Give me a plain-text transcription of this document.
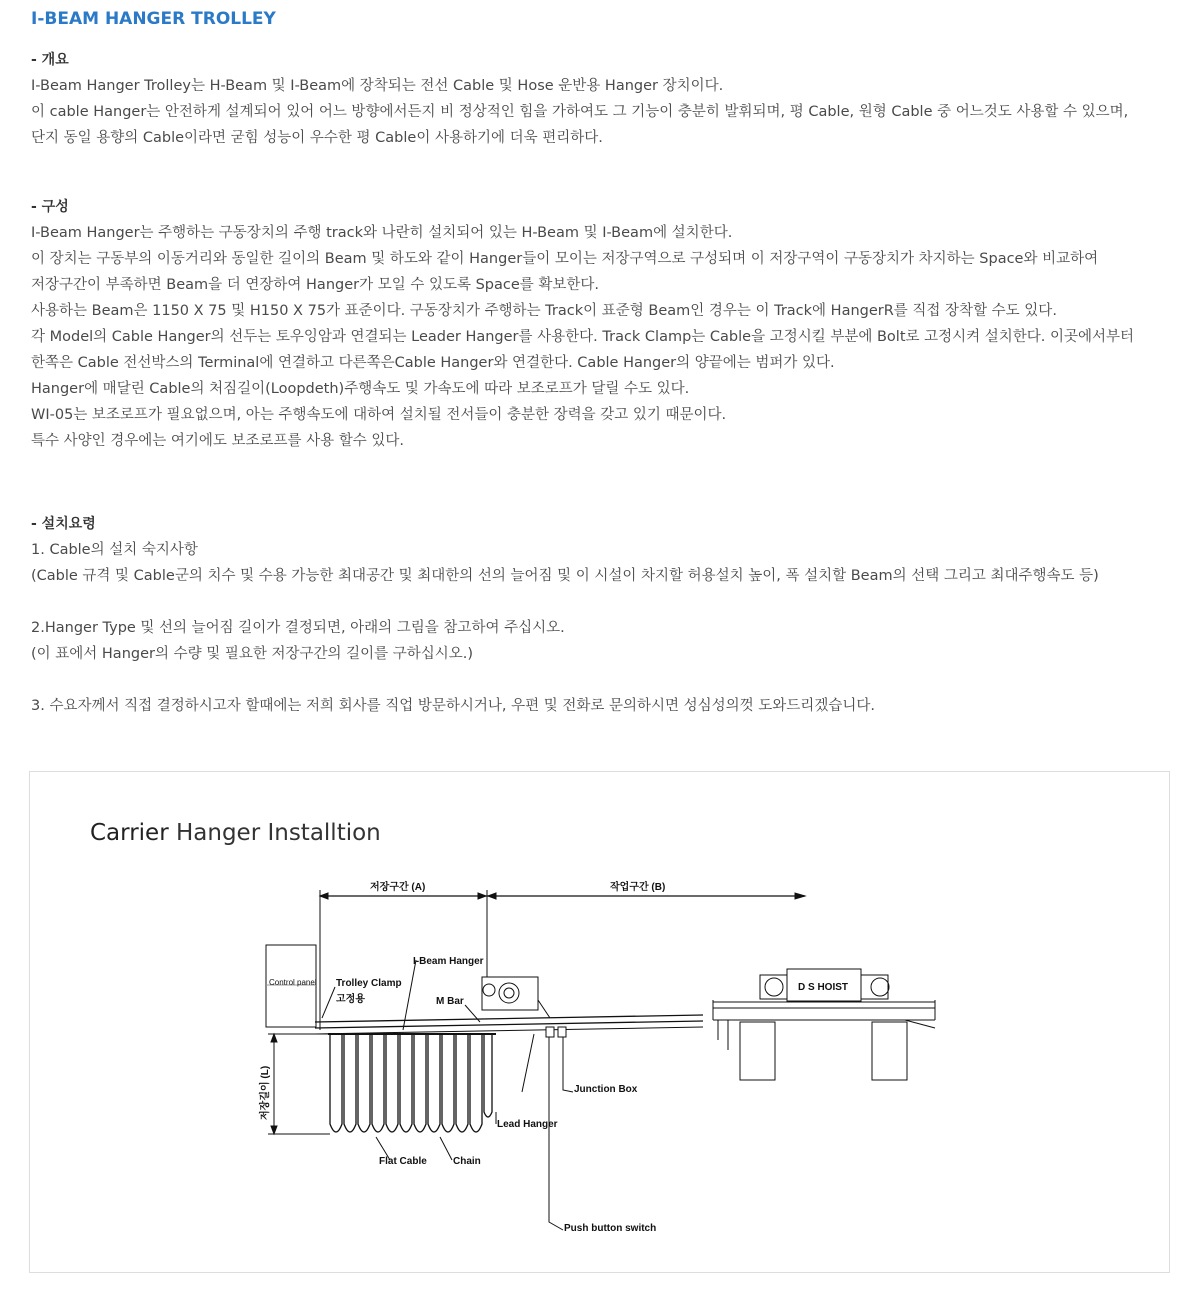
I-BEAM HANGER TROLLEY
- 개요
I-Beam Hanger Trolley는 H-Beam 및 I-Beam에 장착되는 전선 Cable 및 Hose 운반용 Hanger 장치이다.
이 cable Hanger는 안전하게 설계되어 있어 어느 방향에서든지 비 정상적인 힘을 가하여도 그 기능이 충분히 발휘되며, 평 Cable, 원형 Cable 중 어느것도 사용할 수 있으며,
단지 동일 용향의 Cable이라면 굳힘 성능이 우수한 평 Cable이 사용하기에 더욱 편리하다.
- 구성
I-Beam Hanger는 주행하는 구동장치의 주행 track와 나란히 설치되어 있는 H-Beam 및 I-Beam에 설치한다.
이 장치는 구동부의 이동거리와 동일한 길이의 Beam 및 하도와 같이 Hanger들이 모이는 저장구역으로 구성되며 이 저장구역이 구동장치가 차지하는 Space와 비교하여
저장구간이 부족하면 Beam을 더 연장하여 Hanger가 모일 수 있도록 Space를 확보한다.
사용하는 Beam은 1150 X 75 및 H150 X 75가 표준이다. 구동장치가 주행하는 Track이 표준형 Beam인 경우는 이 Track에 HangerR를 직접 장착할 수도 있다.
각 Model의 Cable Hanger의 선두는 토우잉암과 연결되는 Leader Hanger를 사용한다. Track Clamp는 Cable을 고정시킬 부분에 Bolt로 고정시켜 설치한다. 이곳에서부터
한쪽은 Cable 전선박스의 Terminal에 연결하고 다른쪽은Cable Hanger와 연결한다. Cable Hanger의 양끝에는 범퍼가 있다.
Hanger에 매달린 Cable의 처짐길이(Loopdeth)주행속도 및 가속도에 따라 보조로프가 달릴 수도 있다.
WI-05는 보조로프가 필요없으며, 아는 주행속도에 대하여 설치될 전서들이 충분한 장력을 갖고 있기 때문이다.
특수 사양인 경우에는 여기에도 보조로프를 사용 할수 있다.
- 설치요령
1. Cable의 설치 숙지사항
(Cable 규격 및 Cable군의 치수 및 수용 가능한 최대공간 및 최대한의 선의 늘어짐 및 이 시설이 차지할 허용설치 높이, 폭 설치할 Beam의 선택 그리고 최대주행속도 등)
2.Hanger Type 및 선의 늘어짐 길이가 결정되면, 아래의 그림을 참고하여 주십시오.
(이 표에서 Hanger의 수량 및 필요한 저장구간의 길이를 구하십시오.)
3. 수요자께서 직접 결정하시고자 할때에는 저희 회사를 직업 방문하시거나, 우편 및 전화로 문의하시면 성심성의껏 도와드리겠습니다.
Carrier Hanger Installtion
저장구간 (A)	작업구간 (B)
I-Beam Hanger
Control panel Trolley Clamp
고정용	M Bar
D S HOIST
저장길이 (L)	Junction Box
Lead Hanger
Flat Cable	Chain
Push button switch
